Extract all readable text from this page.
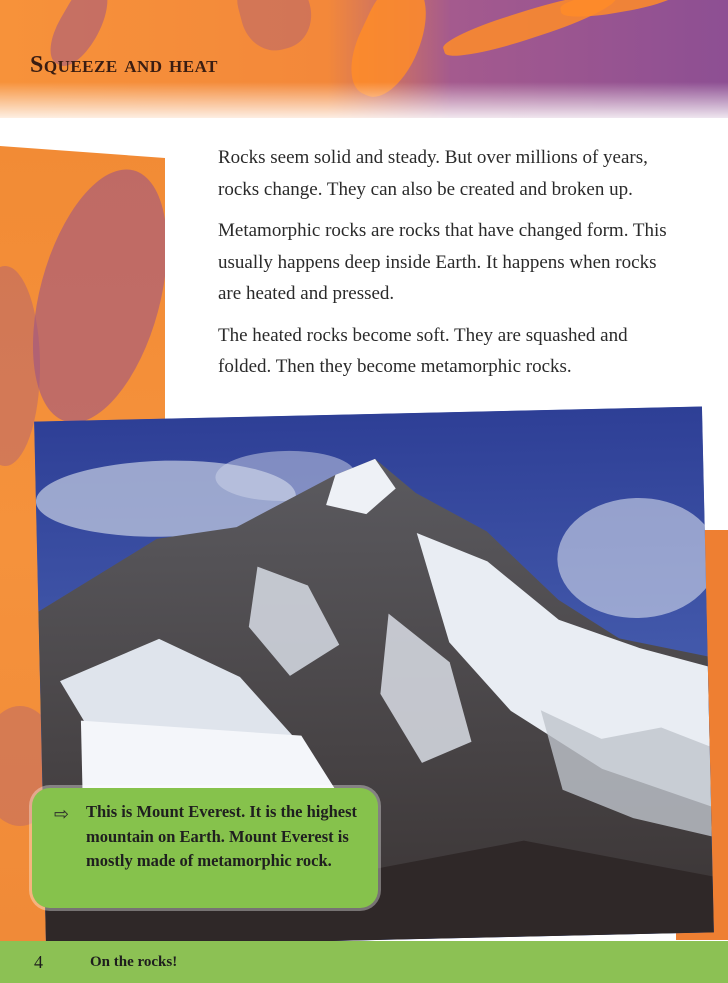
Squeeze and heat

Rocks seem solid and steady. But over millions of years, rocks change. They can also be created and broken up.

Metamorphic rocks are rocks that have changed form. This usually happens deep inside Earth. It happens when rocks are heated and pressed.

The heated rocks become soft. They are squashed and folded. Then they become metamorphic rocks.

⇨ This is Mount Everest. It is the highest mountain on Earth. Mount Everest is mostly made of metamorphic rock.
4	On the rocks!
